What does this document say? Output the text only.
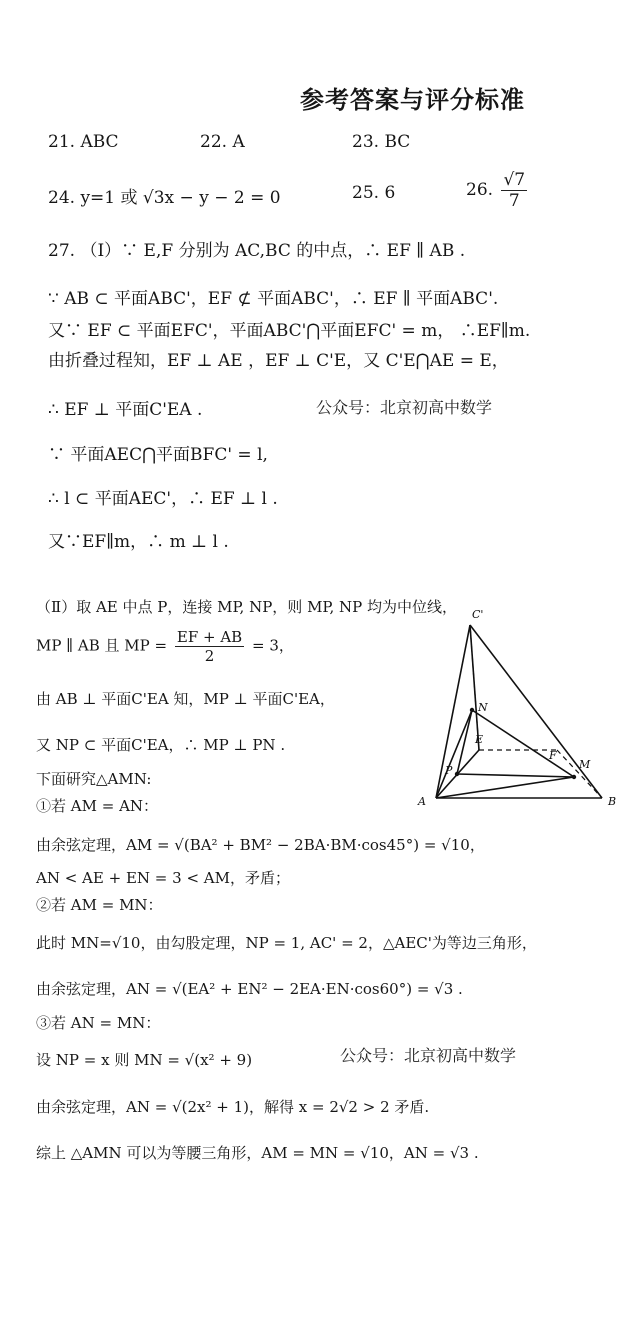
参考答案与评分标准
21. ABC	22. A	23. BC
24. y=1 或 √3x − y − 2 = 0	25. 6	26. $\frac{√7}{7}$
27. （Ⅰ）∵ E,F 分别为 AC,BC 的中点，∴ EF ∥ AB .
∵ AB ⊂ 平面ABC'，EF ⊄ 平面ABC'，∴ EF ∥ 平面ABC'.
又∵ EF ⊂ 平面EFC'，平面ABC'⋂平面EFC' = m， ∴EF∥m.
由折叠过程知，EF ⊥ AE ，EF ⊥ C'E，又 C'E⋂AE = E，
∴ EF ⊥ 平面C'EA .	公众号：北京初高中数学
∵ 平面AEC⋂平面BFC' = l,
∴ l ⊂ 平面AEC'，∴ EF ⊥ l .
又∵EF∥m，∴ m ⊥ l .
（Ⅱ）取 AE 中点 P，连接 MP, NP，则 MP, NP 均为中位线，
MP ∥ AB 且 MP = $\frac{EF + AB}{2} = 3$，
由 AB ⊥ 平面C'EA 知，MP ⊥ 平面C'EA，
又 NP ⊂ 平面C'EA，∴ MP ⊥ PN .
下面研究△AMN:
①若 AM = AN：
由余弦定理，AM = √(BA² + BM² − 2BA·BM·cos45°) = √10，
AN < AE + EN = 3 < AM，矛盾；
②若 AM = MN：
此时 MN=√10，由勾股定理，NP = 1, AC' = 2，△AEC'为等边三角形，
由余弦定理，AN = √(EA² + EN² − 2EA·EN·cos60°) = √3 .
③若 AN = MN：
设 NP = x 则 MN = √(x² + 9)	公众号：北京初高中数学
由余弦定理，AN = √(2x² + 1)，解得 x = 2√2 > 2 矛盾.
综上 △AMN 可以为等腰三角形，AM = MN = √10，AN = √3 .
C'
N
E
F
M
P
A	B
